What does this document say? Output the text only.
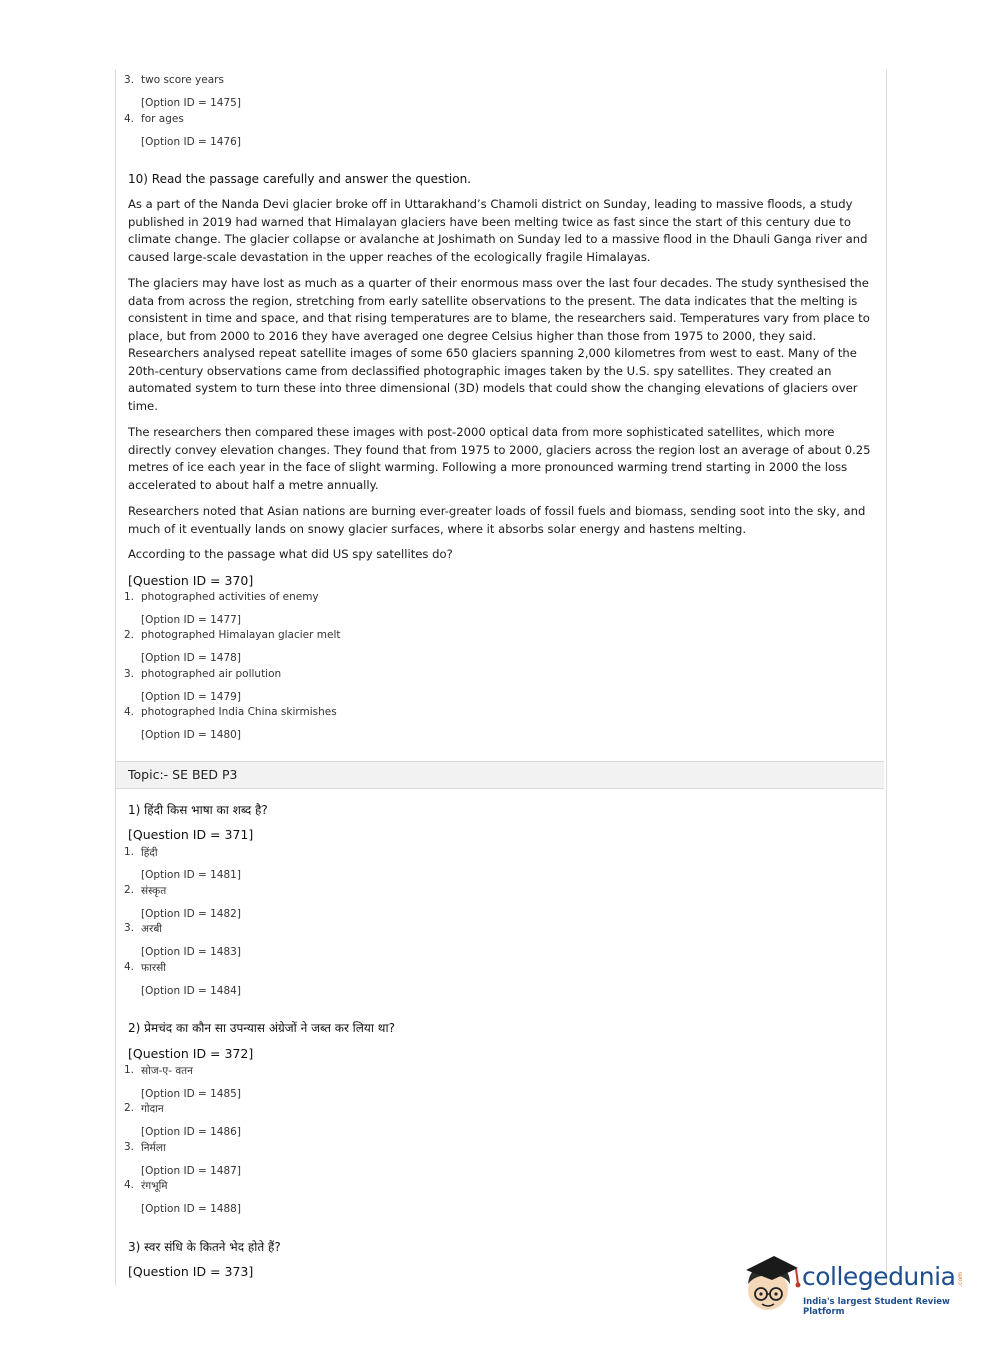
3. two score years
[Option ID = 1475]
4. for ages
[Option ID = 1476]
10) Read the passage carefully and answer the question.
As a part of the Nanda Devi glacier broke off in Uttarakhand’s Chamoli district on Sunday, leading to massive floods, a study published in 2019 had warned that Himalayan glaciers have been melting twice as fast since the start of this century due to climate change. The glacier collapse or avalanche at Joshimath on Sunday led to a massive flood in the Dhauli Ganga river and caused large-scale devastation in the upper reaches of the ecologically fragile Himalayas.
The glaciers may have lost as much as a quarter of their enormous mass over the last four decades. The study synthesised the data from across the region, stretching from early satellite observations to the present. The data indicates that the melting is consistent in time and space, and that rising temperatures are to blame, the researchers said. Temperatures vary from place to place, but from 2000 to 2016 they have averaged one degree Celsius higher than those from 1975 to 2000, they said. Researchers analysed repeat satellite images of some 650 glaciers spanning 2,000 kilometres from west to east. Many of the 20th-century observations came from declassified photographic images taken by the U.S. spy satellites. They created an automated system to turn these into three dimensional (3D) models that could show the changing elevations of glaciers over time.
The researchers then compared these images with post-2000 optical data from more sophisticated satellites, which more directly convey elevation changes. They found that from 1975 to 2000, glaciers across the region lost an average of about 0.25 metres of ice each year in the face of slight warming. Following a more pronounced warming trend starting in 2000 the loss accelerated to about half a metre annually.
Researchers noted that Asian nations are burning ever-greater loads of fossil fuels and biomass, sending soot into the sky, and much of it eventually lands on snowy glacier surfaces, where it absorbs solar energy and hastens melting.
According to the passage what did US spy satellites do?
[Question ID = 370]
1. photographed activities of enemy
[Option ID = 1477]
2. photographed Himalayan glacier melt
[Option ID = 1478]
3. photographed air pollution
[Option ID = 1479]
4. photographed India China skirmishes
[Option ID = 1480]
Topic:- SE BED P3
1) हिंदी किस भाषा का शब्द है?
[Question ID = 371]
1. हिंदी
[Option ID = 1481]
2. संस्कृत
[Option ID = 1482]
3. अरबी
[Option ID = 1483]
4. फारसी
[Option ID = 1484]
2) प्रेमचंद का कौन सा उपन्यास अंग्रेजों ने जब्त कर लिया था?
[Question ID = 372]
1. सोज-ए- वतन
[Option ID = 1485]
2. गोदान
[Option ID = 1486]
3. निर्मला
[Option ID = 1487]
4. रंगभूमि
[Option ID = 1488]
3) स्वर संधि के कितने भेद होते हैं?
[Question ID = 373]	collegedunia .com
India's largest Student Review Platform
